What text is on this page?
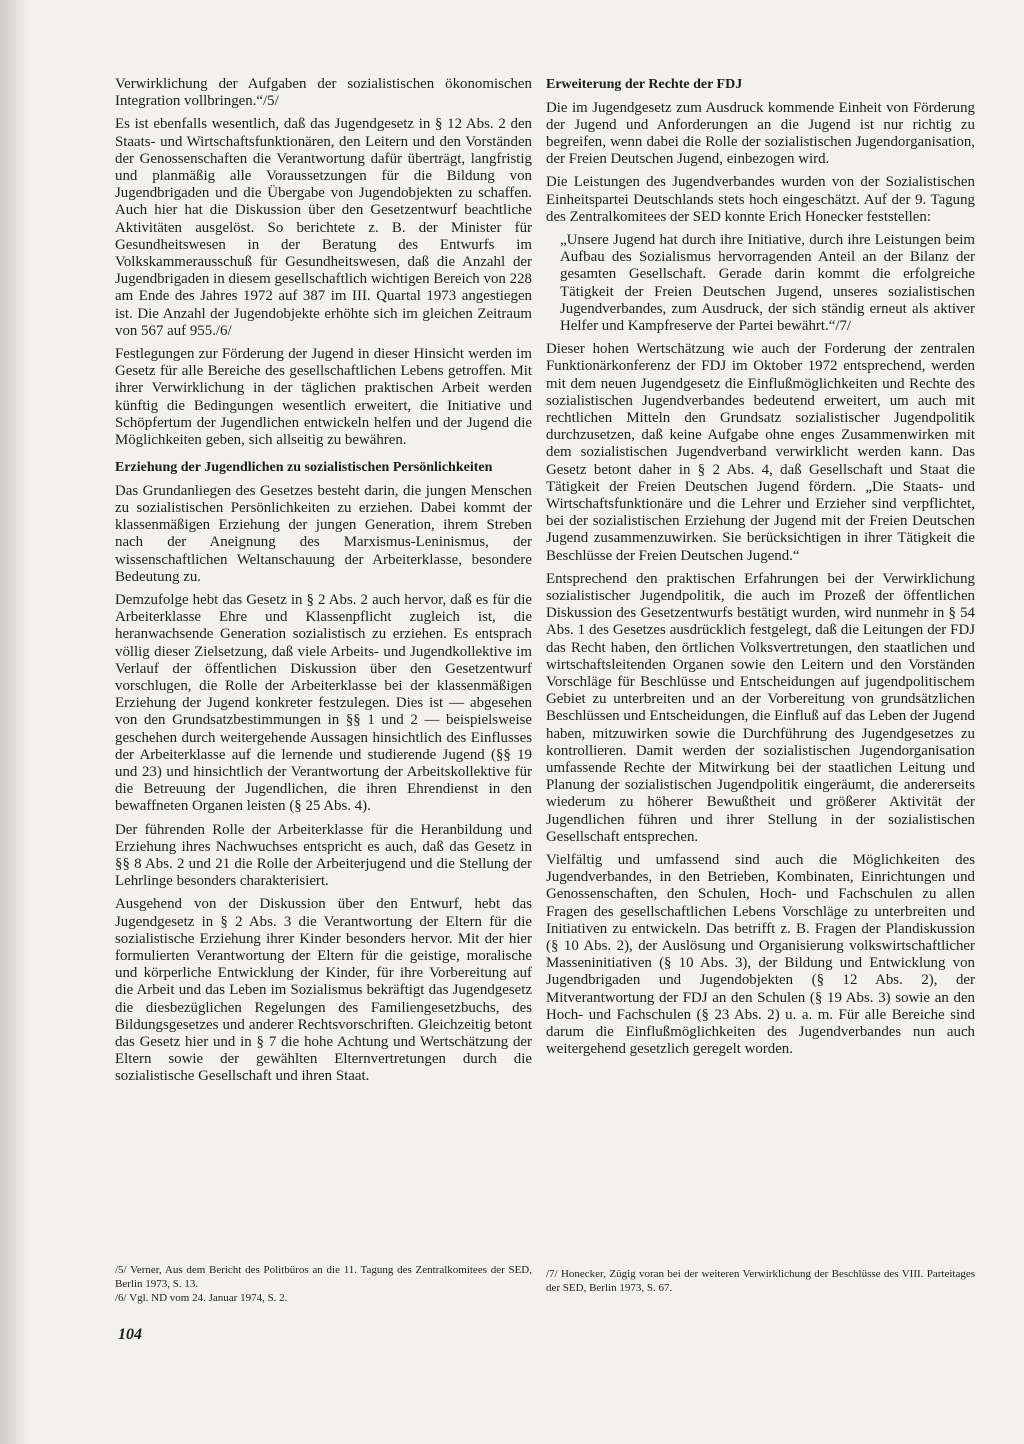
Verwirklichung der Aufgaben der sozialistischen ökonomischen Integration vollbringen.“/5/

Es ist ebenfalls wesentlich, daß das Jugendgesetz in § 12 Abs. 2 den Staats- und Wirtschaftsfunktionären, den Leitern und den Vorständen der Genossenschaften die Verantwortung dafür überträgt, langfristig und planmäßig alle Voraussetzungen für die Bildung von Jugendbrigaden und die Übergabe von Jugendobjekten zu schaffen. Auch hier hat die Diskussion über den Gesetzentwurf beachtliche Aktivitäten ausgelöst. So berichtete z. B. der Minister für Gesundheitswesen in der Beratung des Entwurfs im Volkskammerausschuß für Gesundheitswesen, daß die Anzahl der Jugendbrigaden in diesem gesellschaftlich wichtigen Bereich von 228 am Ende des Jahres 1972 auf 387 im III. Quartal 1973 angestiegen ist. Die Anzahl der Jugendobjekte erhöhte sich im gleichen Zeitraum von 567 auf 955./6/

Festlegungen zur Förderung der Jugend in dieser Hinsicht werden im Gesetz für alle Bereiche des gesellschaftlichen Lebens getroffen. Mit ihrer Verwirklichung in der täglichen praktischen Arbeit werden künftig die Bedingungen wesentlich erweitert, die Initiative und Schöpfertum der Jugendlichen entwickeln helfen und der Jugend die Möglichkeiten geben, sich allseitig zu bewähren.

Erziehung der Jugendlichen zu sozialistischen Persönlichkeiten

Das Grundanliegen des Gesetzes besteht darin, die jungen Menschen zu sozialistischen Persönlichkeiten zu erziehen. Dabei kommt der klassenmäßigen Erziehung der jungen Generation, ihrem Streben nach der Aneignung des Marxismus-Leninismus, der wissenschaftlichen Weltanschauung der Arbeiterklasse, besondere Bedeutung zu.

Demzufolge hebt das Gesetz in § 2 Abs. 2 auch hervor, daß es für die Arbeiterklasse Ehre und Klassenpflicht zugleich ist, die heranwachsende Generation sozialistisch zu erziehen. Es entsprach völlig dieser Zielsetzung, daß viele Arbeits- und Jugendkollektive im Verlauf der öffentlichen Diskussion über den Gesetzentwurf vorschlugen, die Rolle der Arbeiterklasse bei der klassenmäßigen Erziehung der Jugend konkreter festzulegen. Dies ist — abgesehen von den Grundsatzbestimmungen in §§ 1 und 2 — beispielsweise geschehen durch weitergehende Aussagen hinsichtlich des Einflusses der Arbeiterklasse auf die lernende und studierende Jugend (§§ 19 und 23) und hinsichtlich der Verantwortung der Arbeitskollektive für die Betreuung der Jugendlichen, die ihren Ehrendienst in den bewaffneten Organen leisten (§ 25 Abs. 4).

Der führenden Rolle der Arbeiterklasse für die Heranbildung und Erziehung ihres Nachwuchses entspricht es auch, daß das Gesetz in §§ 8 Abs. 2 und 21 die Rolle der Arbeiterjugend und die Stellung der Lehrlinge besonders charakterisiert.

Ausgehend von der Diskussion über den Entwurf, hebt das Jugendgesetz in § 2 Abs. 3 die Verantwortung der Eltern für die sozialistische Erziehung ihrer Kinder besonders hervor. Mit der hier formulierten Verantwortung der Eltern für die geistige, moralische und körperliche Entwicklung der Kinder, für ihre Vorbereitung auf die Arbeit und das Leben im Sozialismus bekräftigt das Jugendgesetz die diesbezüglichen Regelungen des Familiengesetzbuchs, des Bildungsgesetzes und anderer Rechtsvorschriften. Gleichzeitig betont das Gesetz hier und in § 7 die hohe Achtung und Wertschätzung der Eltern sowie der gewählten Elternvertretungen durch die sozialistische Gesellschaft und ihren Staat.

/5/ Verner, Aus dem Bericht des Politbüros an die 11. Tagung des Zentralkomitees der SED, Berlin 1973, S. 13.

/6/ Vgl. ND vom 24. Januar 1974, S. 2.

Erweiterung der Rechte der FDJ

Die im Jugendgesetz zum Ausdruck kommende Einheit von Förderung der Jugend und Anforderungen an die Jugend ist nur richtig zu begreifen, wenn dabei die Rolle der sozialistischen Jugendorganisation, der Freien Deutschen Jugend, einbezogen wird.

Die Leistungen des Jugendverbandes wurden von der Sozialistischen Einheitspartei Deutschlands stets hoch eingeschätzt. Auf der 9. Tagung des Zentralkomitees der SED konnte Erich Honecker feststellen:

„Unsere Jugend hat durch ihre Initiative, durch ihre Leistungen beim Aufbau des Sozialismus hervorragenden Anteil an der Bilanz der gesamten Gesellschaft. Gerade darin kommt die erfolgreiche Tätigkeit der Freien Deutschen Jugend, unseres sozialistischen Jugendverbandes, zum Ausdruck, der sich ständig erneut als aktiver Helfer und Kampfreserve der Partei bewährt.“/7/

Dieser hohen Wertschätzung wie auch der Forderung der zentralen Funktionärkonferenz der FDJ im Oktober 1972 entsprechend, werden mit dem neuen Jugendgesetz die Einflußmöglichkeiten und Rechte des sozialistischen Jugendverbandes bedeutend erweitert, um auch mit rechtlichen Mitteln den Grundsatz sozialistischer Jugendpolitik durchzusetzen, daß keine Aufgabe ohne enges Zusammenwirken mit dem sozialistischen Jugendverband verwirklicht werden kann. Das Gesetz betont daher in § 2 Abs. 4, daß Gesellschaft und Staat die Tätigkeit der Freien Deutschen Jugend fördern. „Die Staats- und Wirtschaftsfunktionäre und die Lehrer und Erzieher sind verpflichtet, bei der sozialistischen Erziehung der Jugend mit der Freien Deutschen Jugend zusammenzuwirken. Sie berücksichtigen in ihrer Tätigkeit die Beschlüsse der Freien Deutschen Jugend.“

Entsprechend den praktischen Erfahrungen bei der Verwirklichung sozialistischer Jugendpolitik, die auch im Prozeß der öffentlichen Diskussion des Gesetzentwurfs bestätigt wurden, wird nunmehr in § 54 Abs. 1 des Gesetzes ausdrücklich festgelegt, daß die Leitungen der FDJ das Recht haben, den örtlichen Volksvertretungen, den staatlichen und wirtschaftsleitenden Organen sowie den Leitern und den Vorständen Vorschläge für Beschlüsse und Entscheidungen auf jugendpolitischem Gebiet zu unterbreiten und an der Vorbereitung von grundsätzlichen Beschlüssen und Entscheidungen, die Einfluß auf das Leben der Jugend haben, mitzuwirken sowie die Durchführung des Jugendgesetzes zu kontrollieren. Damit werden der sozialistischen Jugendorganisation umfassende Rechte der Mitwirkung bei der staatlichen Leitung und Planung der sozialistischen Jugendpolitik eingeräumt, die andererseits wiederum zu höherer Bewußtheit und größerer Aktivität der Jugendlichen führen und ihrer Stellung in der sozialistischen Gesellschaft entsprechen.

Vielfältig und umfassend sind auch die Möglichkeiten des Jugendverbandes, in den Betrieben, Kombinaten, Einrichtungen und Genossenschaften, den Schulen, Hoch- und Fachschulen zu allen Fragen des gesellschaftlichen Lebens Vorschläge zu unterbreiten und Initiativen zu entwickeln. Das betrifft z. B. Fragen der Plandiskussion (§ 10 Abs. 2), der Auslösung und Organisierung volkswirtschaftlicher Masseninitiativen (§ 10 Abs. 3), der Bildung und Entwicklung von Jugendbrigaden und Jugendobjekten (§ 12 Abs. 2), der Mitverantwortung der FDJ an den Schulen (§ 19 Abs. 3) sowie an den Hoch- und Fachschulen (§ 23 Abs. 2) u. a. m. Für alle Bereiche sind darum die Einflußmöglichkeiten des Jugendverbandes nun auch weitergehend gesetzlich geregelt worden.

/7/ Honecker, Zügig voran bei der weiteren Verwirklichung der Beschlüsse des VIII. Parteitages der SED, Berlin 1973, S. 67.

104
